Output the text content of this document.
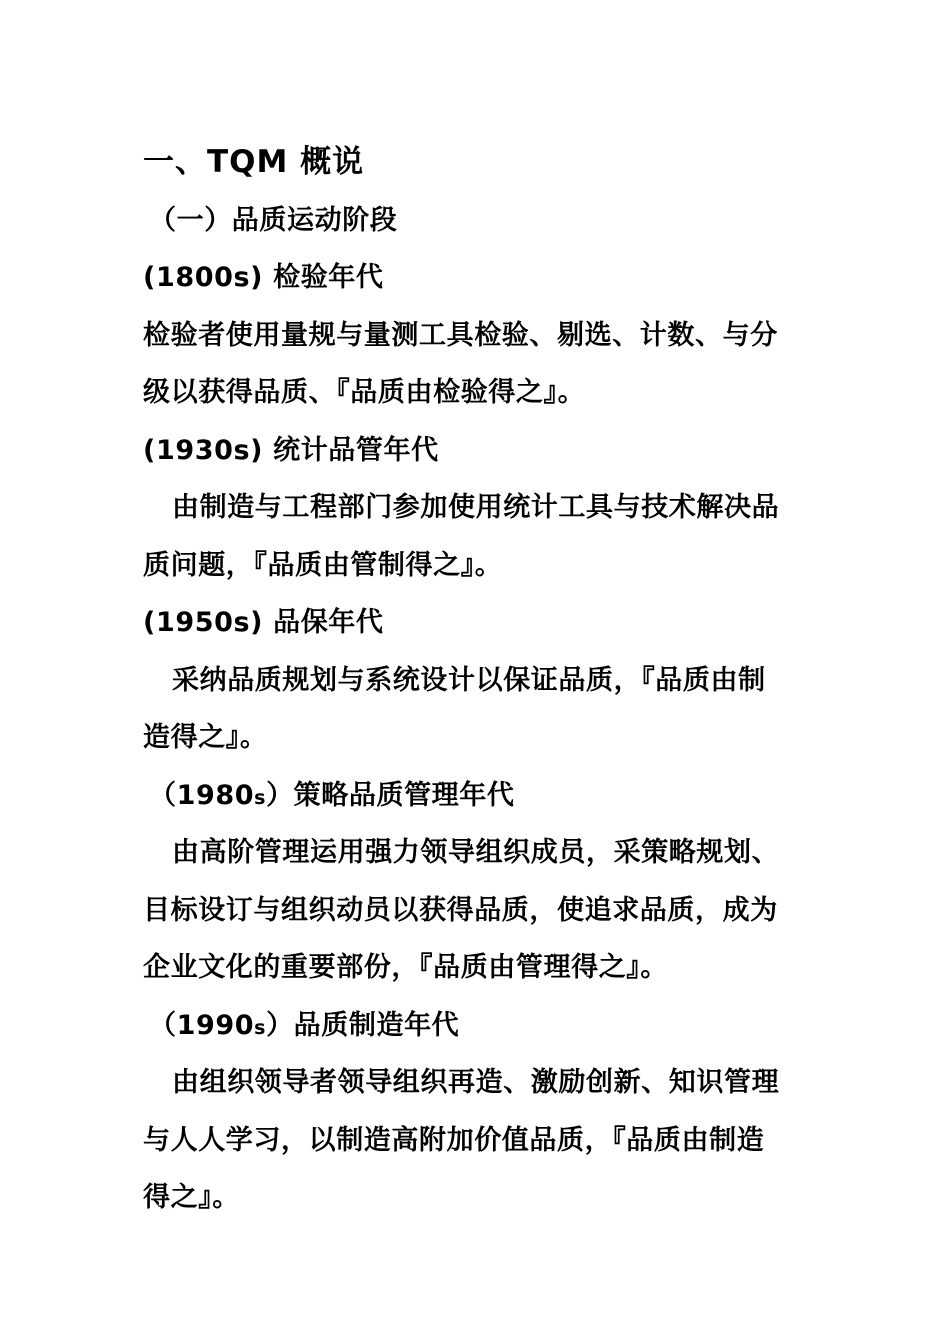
一、TQM 概说
（一）品质运动阶段
(1800s) 检验年代
检验者使用量规与量测工具检验、剔选、计数、与分
级以获得品质、『品质由检验得之』。
(1930s) 统计品管年代
由制造与工程部门参加使用统计工具与技术解决品
质问题，『品质由管制得之』。
(1950s) 品保年代
采纳品质规划与系统设计以保证品质，『品质由制
造得之』。
（1980s）策略品质管理年代
由高阶管理运用强力领导组织成员，采策略规划、
目标设订与组织动员以获得品质，使追求品质，成为
企业文化的重要部份，『品质由管理得之』。
（1990s）品质制造年代
由组织领导者领导组织再造、激励创新、知识管理
与人人学习，以制造高附加价值品质，『品质由制造
得之』。
